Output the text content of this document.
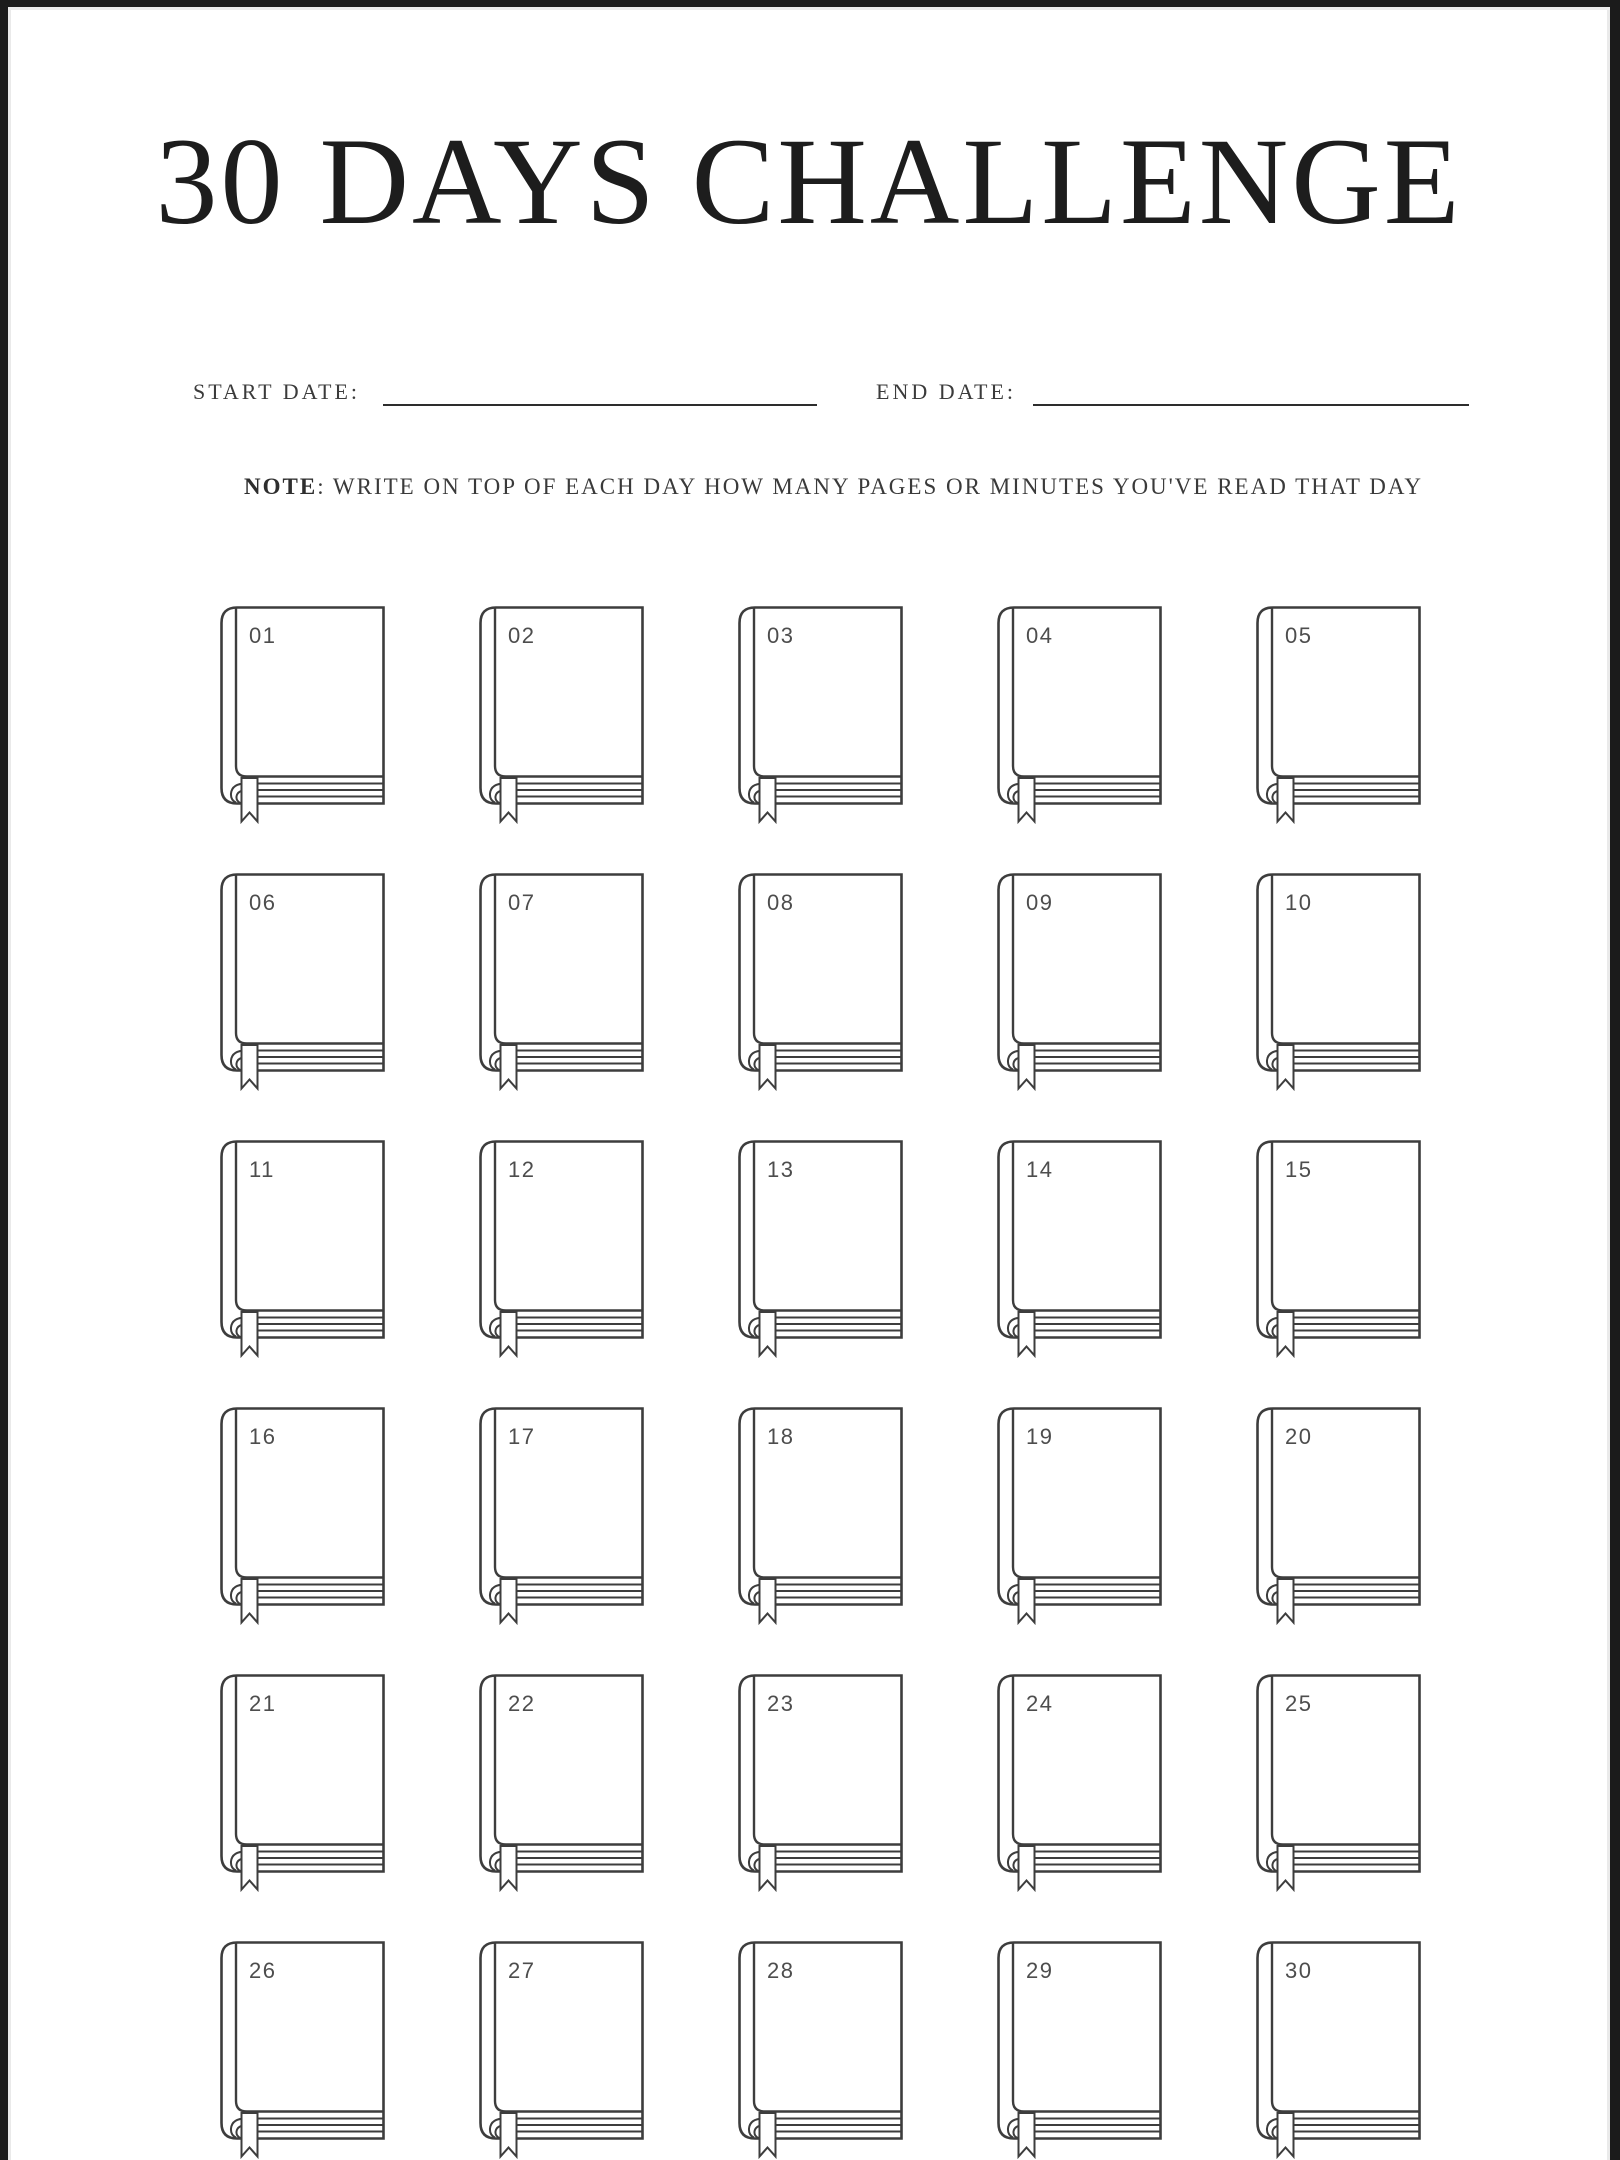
30 DAYS CHALLENGE
START DATE:	END DATE:
NOTE: WRITE ON TOP OF EACH DAY HOW MANY PAGES OR MINUTES YOU'VE READ THAT DAY
01	02	03	04	05
06	07	08	09	10
11	12	13	14	15
16	17	18	19	20
21	22	23	24	25
26	27	28	29	30
